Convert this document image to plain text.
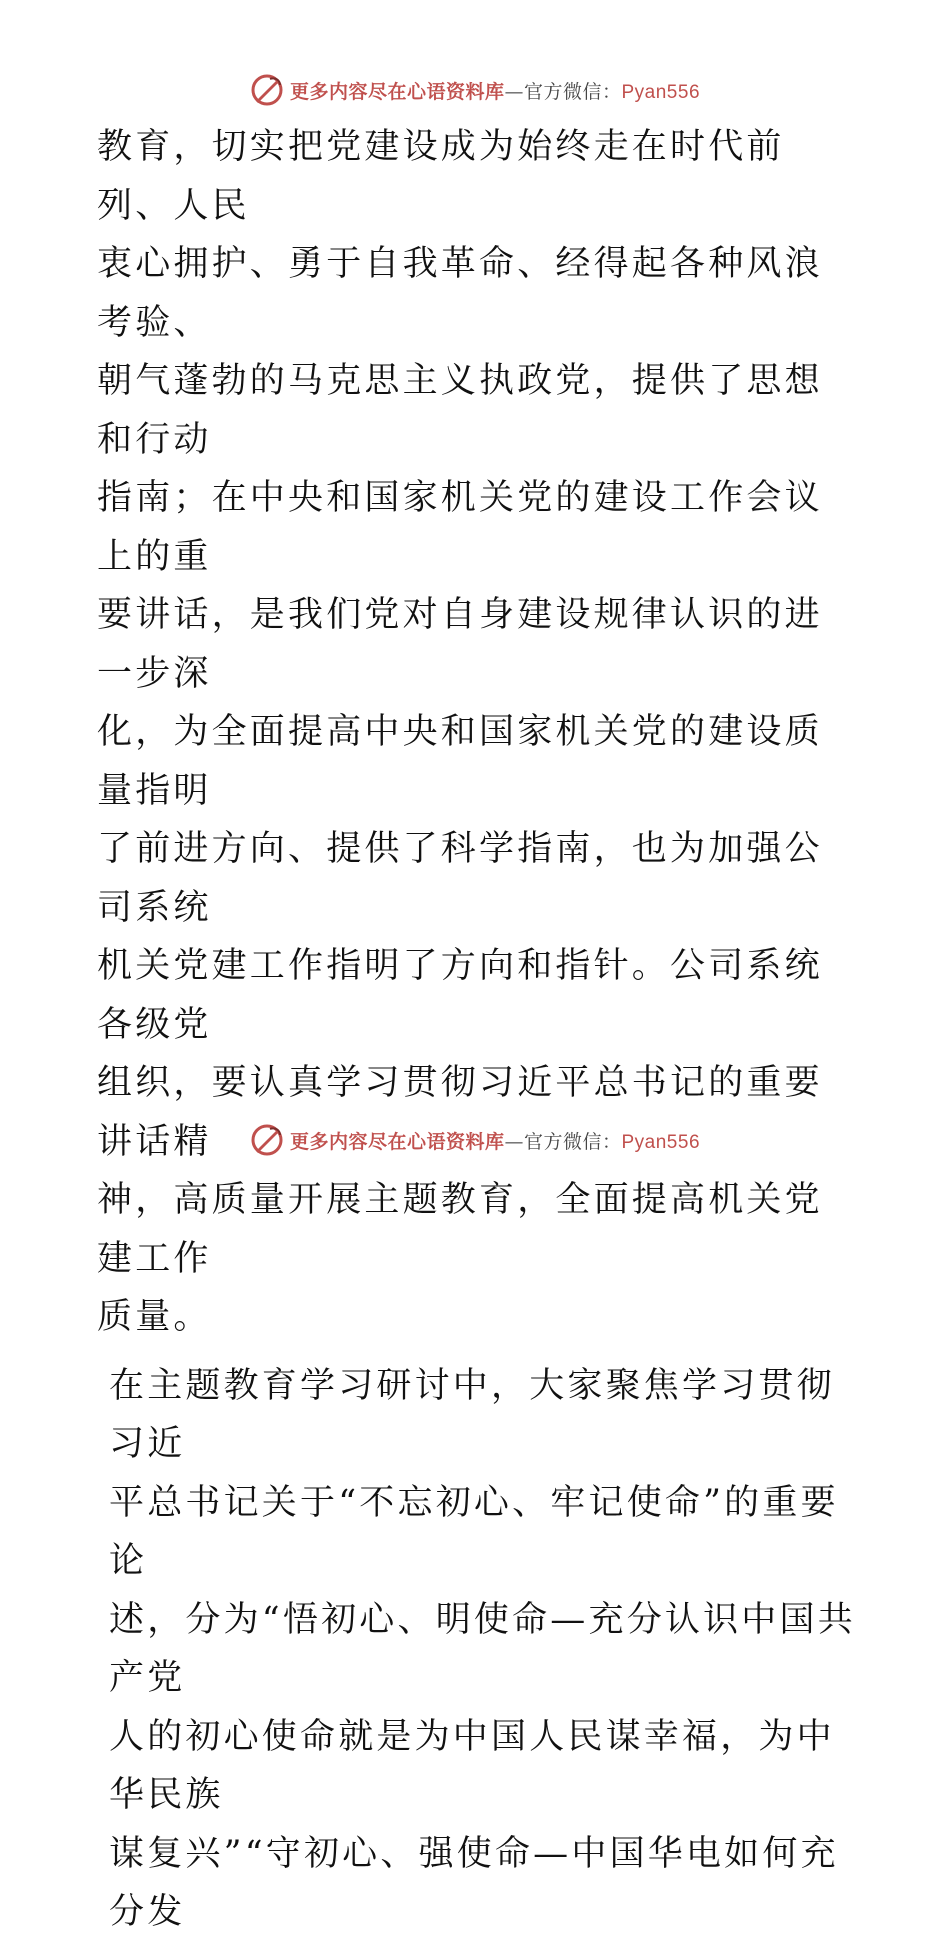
更多内容尽在心语资料库—官方微信：Pyan556

教育，切实把党建设成为始终走在时代前列、人民
衷心拥护、勇于自我革命、经得起各种风浪考验、
朝气蓬勃的马克思主义执政党，提供了思想和行动
指南；在中央和国家机关党的建设工作会议上的重
要讲话，是我们党对自身建设规律认识的进一步深
化，为全面提高中央和国家机关党的建设质量指明
了前进方向、提供了科学指南，也为加强公司系统
机关党建工作指明了方向和指针。公司系统各级党
组织，要认真学习贯彻习近平总书记的重要讲话精
神，高质量开展主题教育，全面提高机关党建工作
质量。

在主题教育学习研讨中，大家聚焦学习贯彻习近
平总书记关于“不忘初心、牢记使命”的重要论
述，分为“悟初心、明使命—充分认识中国共产党
人的初心使命就是为中国人民谋幸福，为中华民族
谋复兴”“守初心、强使命—中国华电如何充分发

更多内容尽在心语资料库—官方微信：Pyan556
